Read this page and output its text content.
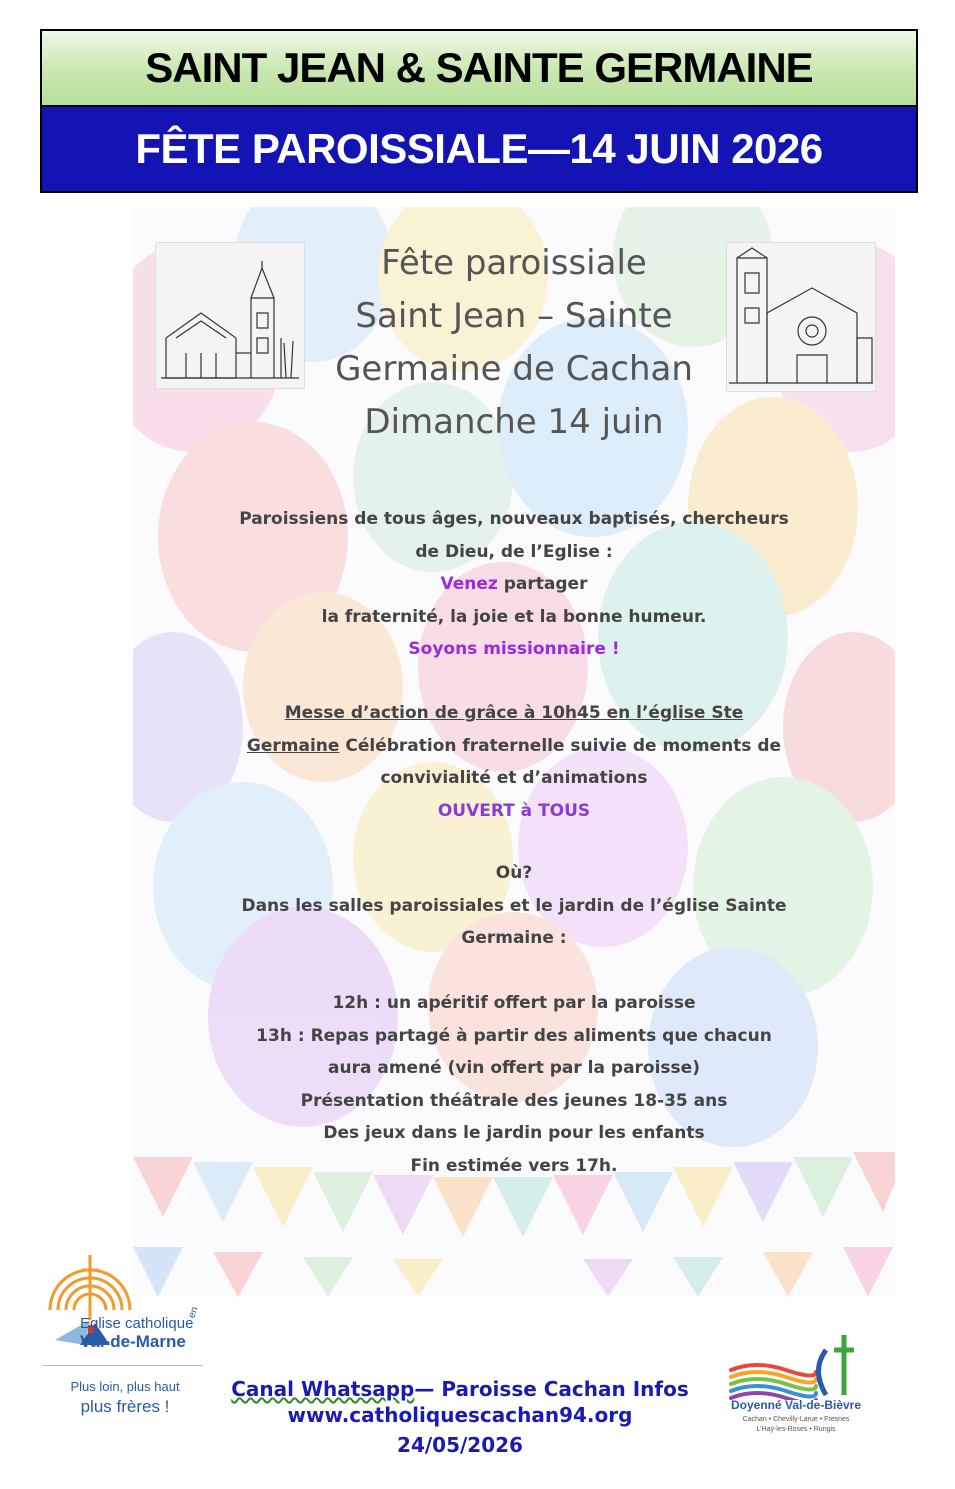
SAINT JEAN & SAINTE GERMAINE
FÊTE PAROISSIALE—14 JUIN 2026
Fête paroissiale
Saint Jean – Sainte
Germaine de Cachan
Dimanche 14 juin
Paroissiens de tous âges, nouveaux baptisés, chercheurs
de Dieu, de l’Eglise :
Venez partager
la fraternité, la joie et la bonne humeur.
Soyons missionnaire !
Messe d’action de grâce à 10h45 en l’église Ste
Germaine Célébration fraternelle suivie de moments de
convivialité et d’animations
OUVERT à TOUS
Où?
Dans les salles paroissiales et le jardin de l’église Sainte
Germaine :
12h : un apéritif offert par la paroisse
13h : Repas partagé à partir des aliments que chacun
aura amené (vin offert par la paroisse)
Présentation théâtrale des jeunes 18-35 ans
Des jeux dans le jardin pour les enfants
Fin estimée vers 17h.
Eglise catholique
en
Val-de-Marne
Plus loin, plus haut
plus frères !
Canal Whatsapp— Paroisse Cachan Infos
www.catholiquescachan94.org
24/05/2026
Doyenné Val-de-Bièvre
Cachan • Chevilly-Larue • Fresnes
L’Haÿ-les-Roses • Rungis
